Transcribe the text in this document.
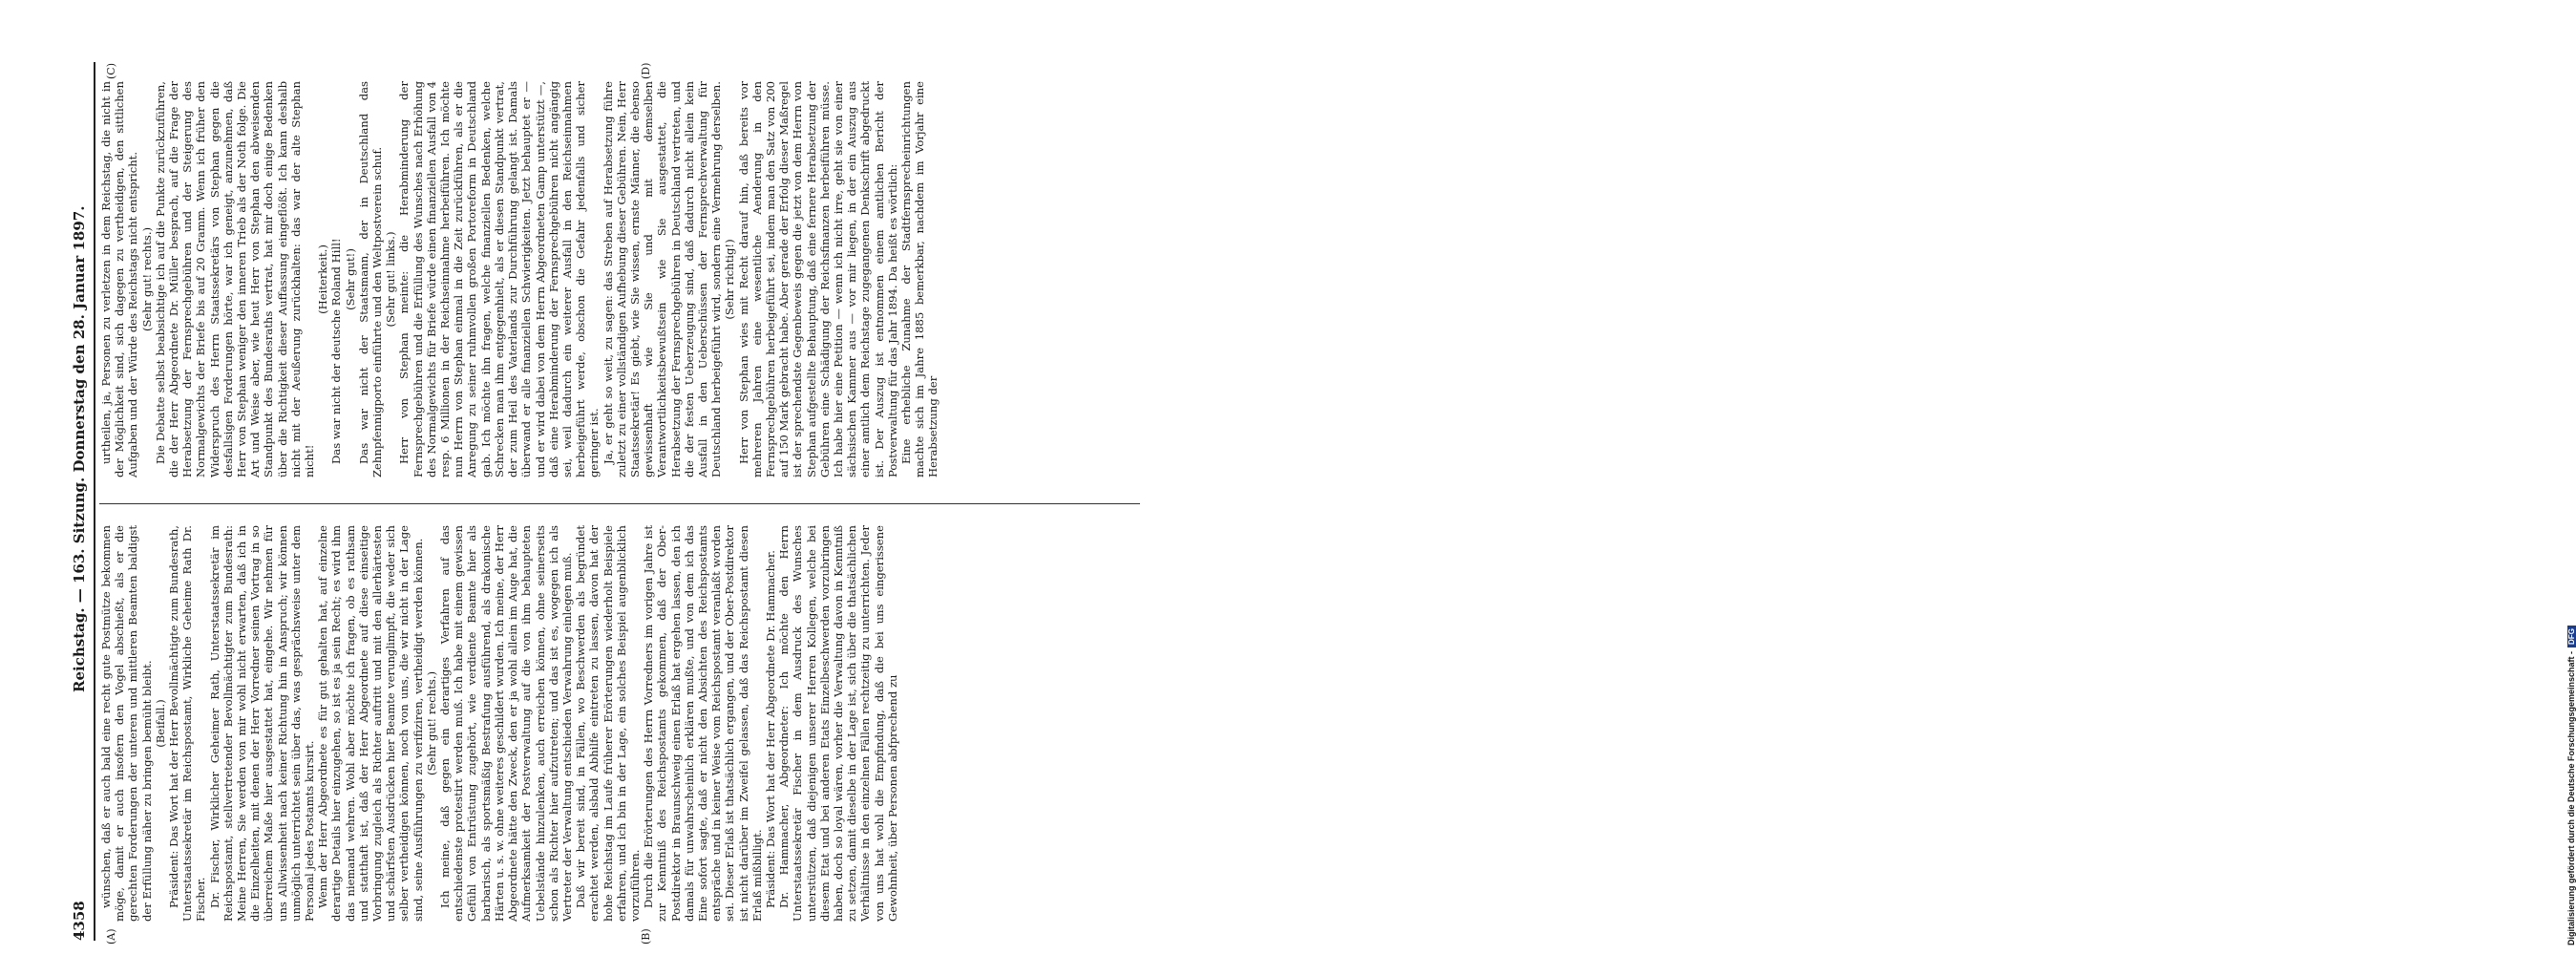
4358
Reichstag. — 163. Sitzung. Donnerstag den 28. Januar 1897.

wünschen, daß er auch bald eine recht gute Postmütze bekommen möge, damit er auch insofern den Vogel abschießt, als er die gerechten Forderungen der unteren und mittleren Beamten baldigst der Erfüllung näher zu bringen bemüht bleibt. (Beifall.) Präsident: Das Wort hat der Herr Bevollmächtigte zum Bundesrath, Unterstaatssekretär im Reichspostamt, Wirkliche Geheime Rath Dr. Fischer. Dr. Fischer, Wirklicher Geheimer Rath, Unterstaatssekretär im Reichspostamt, stellvertretender Bevollmächtigter zum Bundesrath: Meine Herren, Sie werden von mir wohl nicht erwarten, daß ich in die Einzelheiten, mit denen der Herr Vorredner seinen Vortrag in so überreichem Maße hier ausgestattet hat, eingehe. Wir nehmen für uns Allwissenheit nach keiner Richtung hin in Anspruch; wir können unmöglich unterrichtet sein über das, was gesprächsweise unter dem Personal jedes Postamts kursirt. Wenn der Herr Abgeordnete es für gut gehalten hat, auf einzelne derartige Details hier einzugehen, so ist es ja sein Recht; es wird ihm das niemand wehren. Wohl aber möchte ich fragen, ob es rathsam und statthaft ist, daß der Herr Abgeordnete auf diese einseitige Vorbringung zugleich als Richter auftritt und mit den allerhärtesten und schärfsten Ausdrücken hier Beamte verunglimpft, die weder sich selber vertheidigen können, noch von uns, die wir nicht in der Lage sind, seine Ausführungen zu verifiziren, vertheidigt werden können. (Sehr gut! rechts.) Ich meine, daß gegen ein derartiges Verfahren auf das entschiedenste protestirt werden muß. Ich habe mit einem gewissen Gefühl von Entrüstung zugehört, wie verdiente Beamte hier als barbarisch, als sportsmäßig Bestrafung ausführend, als drakonische Härten u. s. w. ohne weiteres geschildert wurden. Ich meine, der Herr Abgeordnete hätte den Zweck, den er ja wohl allein im Auge hat, die Aufmerksamkeit der Postverwaltung auf die von ihm behaupteten Uebelstände hinzulenken, auch erreichen können, ohne seinerseits schon als Richter hier aufzutreten; und das ist es, wogegen ich als Vertreter der Verwaltung entschieden Verwahrung einlegen muß. Daß wir bereit sind, in Fällen, wo Beschwerden als begründet erachtet werden, alsbald Abhilfe eintreten zu lassen, davon hat der hohe Reichstag im Laufe früherer Erörterungen wiederholt Beispiele erfahren, und ich bin in der Lage, ein solches Beispiel augenblicklich vorzuführen. Durch die Erörterungen des Herrn Vorredners im vorigen Jahre ist zur Kenntniß des Reichspostamts gekommen, daß der Ober-Postdirektor in Braunschweig einen Erlaß hat ergehen lassen, den ich damals für unwahrscheinlich erklären mußte, und von dem ich das Eine sofort sagte, daß er nicht den Absichten des Reichspostamts entspräche und in keiner Weise vom Reichspostamt veranlaßt worden sei. Dieser Erlaß ist thatsächlich ergangen, und der Ober-Postdirektor ist nicht darüber im Zweifel gelassen, daß das Reichspostamt diesen Erlaß mißbilligt. Präsident: Das Wort hat der Herr Abgeordnete Dr. Hammacher. Dr. Hammacher, Abgeordneter: Ich möchte den Herrn Unterstaatssekretär Fischer in dem Ausdruck des Wunsches unterstützen, daß diejenigen unserer Herren Kollegen, welche bei diesem Etat und bei anderen Etats Einzelbeschwerden vorzubringen haben, doch so loyal wären, vorher die Verwaltung davon in Kenntniß zu setzen, damit dieselbe in der Lage ist, sich über die thatsächlichen Verhältnisse in den einzelnen Fällen rechtzeitig zu unterrichten. Jeder von uns hat wohl die Empfindung, daß die bei uns eingerissene Gewohnheit, über Personen abfprechend zu

urtheilen, ja, Personen zu verletzen in dem Reichstag, die nicht in der Möglichkeit sind, sich dagegen zu vertheidigen, den sittlichen Aufgaben und der Würde des Reichstags nicht entspricht. (Sehr gut! rechts.) Die Debatte selbst beabsichtige ich auf die Punkte zurückzuführen, die der Herr Abgeordnete Dr. Müller besprach, auf die Frage der Herabsetzung der Fernsprechgebühren und der Steigerung des Normalgewichts der Briefe bis auf 20 Gramm. Wenn ich früher den Widerspruch des Herrn Staatssekretärs von Stephan gegen die desfallsigen Forderungen hörte, war ich geneigt, anzunehmen, daß Herr von Stephan weniger den inneren Trieb als der Noth folge. Die Art und Weise aber, wie heut Herr von Stephan den abweisenden Standpunkt des Bundesraths vertrat, hat mir doch einige Bedenken über die Richtigkeit dieser Auffassung eingeflößt. Ich kann deshalb nicht mit der Aeußerung zurückhalten: das war der alte Stephan nicht!

(Heiterkeit.) Das war nicht der deutsche Roland Hill! (Sehr gut!) Das war nicht der Staatsmann, der in Deutschland das Zehnpfennigporto einführte und den Weltpostverein schuf. (Sehr gut! links.) Herr von Stephan meinte: die Herabminderung der Fernsprechgebühren und die Erfüllung des Wunsches nach Erhöhung des Normalgewichts für Briefe würde einen finanziellen Ausfall von 4 resp. 6 Millionen in der Reichseinnahme herbeiführen. Ich möchte nun Herrn von Stephan einmal in die Zeit zurückführen, als er die Anregung zu seiner ruhmvollen großen Portoreform in Deutschland gab. Ich möchte ihn fragen, welche finanziellen Bedenken, welche Schrecken man ihm entgegenhielt, als er diesen Standpunkt vertrat, der zum Heil des Vaterlands zur Durchführung gelangt ist. Damals überwand er alle finanziellen Schwierigkeiten. Jetzt behauptet er — und er wird dabei von dem Herrn Abgeordneten Gamp unterstützt —, daß eine Herabminderung der Fernsprechgebühren nicht angängig sei, weil dadurch ein weiterer Ausfall in den Reichseinnahmen herbeigeführt werde, obschon die Gefahr jedenfalls und sicher geringer ist. Ja, er geht so weit, zu sagen: das Streben auf Herabsetzung führe zuletzt zu einer vollständigen Aufhebung dieser Gebühren. Nein, Herr Staatssekretär! Es giebt, wie Sie wissen, ernste Männer, die ebenso gewissenhaft wie Sie und mit demselben Verantwortlichkeitsbewußtsein wie Sie ausgestattet, die Herabsetzung der Fernsprechgebühren in Deutschland vertreten, und die der festen Ueberzeugung sind, daß dadurch nicht allein kein Ausfall in den Ueberschüssen der Fernsprechverwaltung für Deutschland herbeigeführt wird, sondern eine Vermehrung derselben. (Sehr richtig!) Herr von Stephan wies mit Recht darauf hin, daß bereits vor mehreren Jahren eine wesentliche Aenderung in den Fernsprechgebühren herbeigeführt sei, indem man den Satz von 200 auf 150 Mark gebracht habe. Aber gerade der Erfolg dieser Maßregel ist der sprechendste Gegenbeweis gegen die jetzt von dem Herrn von Stephan aufgestellte Behauptung, daß eine fernere Herabsetzung der Gebühren eine Schädigung der Reichsfinanzen herbeiführen müsse. Ich habe hier eine Petition — wenn ich nicht irre, geht sie von einer sächsischen Kammer aus — vor mir liegen, in der ein Auszug aus einer amtlich dem Reichstage zugegangenen Denkschrift abgedruckt ist. Der Auszug ist entnommen einem amtlichen Bericht der Postverwaltung für das Jahr 1894. Da heißt es wörtlich: Eine erhebliche Zunahme der Stadtfernsprecheinrichtungen machte sich im Jahre 1885 bemerkbar, nachdem im Vorjahr eine Herabsetzung der

(A)	(B)
(C)	(D)
Digitalisierung gefördert durch die Deutsche Forschungsgemeinschaft -DFG
